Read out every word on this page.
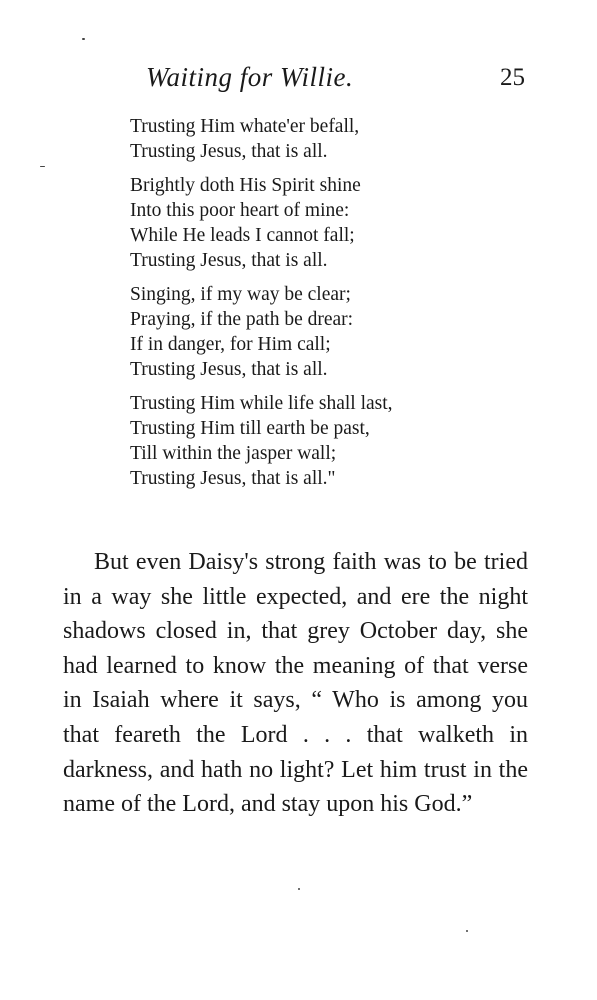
Waiting for Willie.	25
Trusting Him whate'er befall,
Trusting Jesus, that is all.
Brightly doth His Spirit shine
Into this poor heart of mine:
While He leads I cannot fall;
Trusting Jesus, that is all.
Singing, if my way be clear;
Praying, if the path be drear:
If in danger, for Him call;
Trusting Jesus, that is all.
Trusting Him while life shall last,
Trusting Him till earth be past,
Till within the jasper wall;
Trusting Jesus, that is all."

But even Daisy's strong faith was to be tried in a way she little expected, and ere the night shadows closed in, that grey October day, she had learned to know the meaning of that verse in Isaiah where it says, “ Who is among you that feareth the Lord . . . that walketh in darkness, and hath no light? Let him trust in the name of the Lord, and stay upon his God.”
